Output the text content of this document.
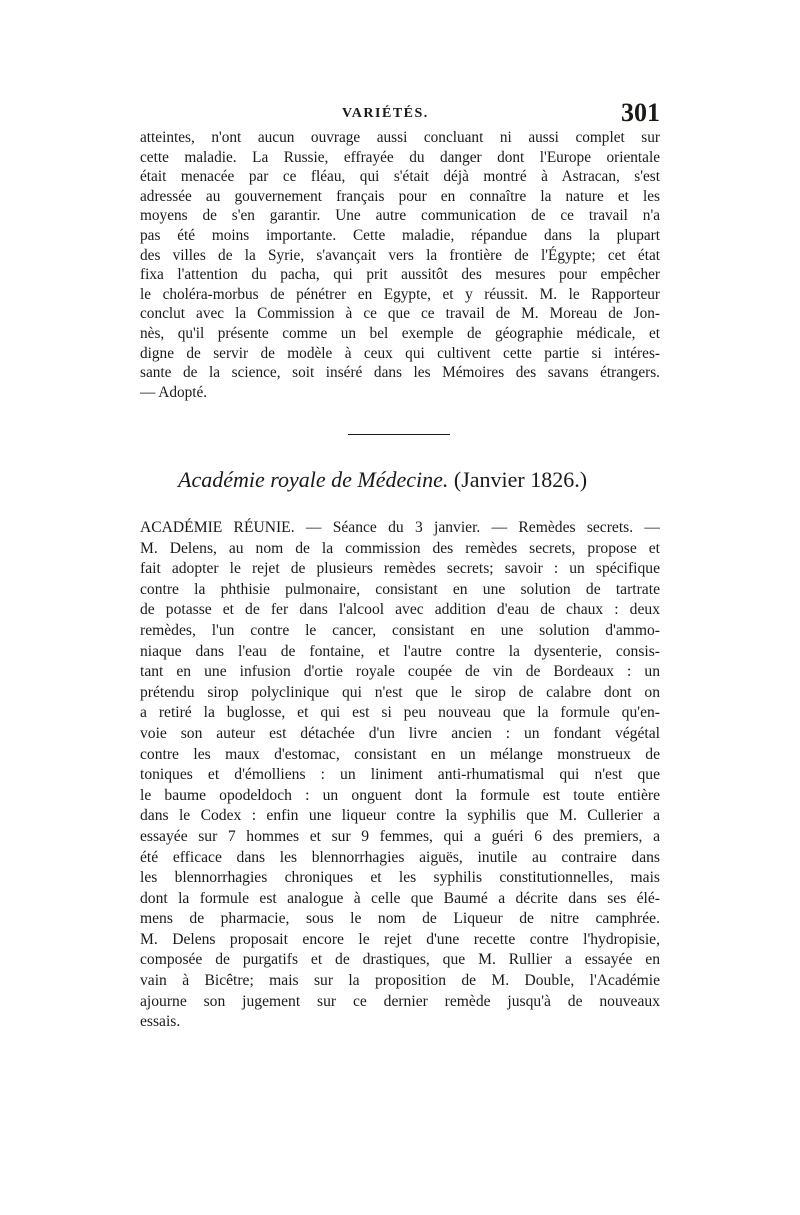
VARIÉTÉS.	301
atteintes, n'ont aucun ouvrage aussi concluant ni aussi complet sur
cette maladie. La Russie, effrayée du danger dont l'Europe orientale
était menacée par ce fléau, qui s'était déjà montré à Astracan, s'est
adressée au gouvernement français pour en connaître la nature et les
moyens de s'en garantir. Une autre communication de ce travail n'a
pas été moins importante. Cette maladie, répandue dans la plupart
des villes de la Syrie, s'avançait vers la frontière de l'Égypte; cet état
fixa l'attention du pacha, qui prit aussitôt des mesures pour empêcher
le choléra-morbus de pénétrer en Egypte, et y réussit. M. le Rapporteur
conclut avec la Commission à ce que ce travail de M. Moreau de Jon-
nès, qu'il présente comme un bel exemple de géographie médicale, et
digne de servir de modèle à ceux qui cultivent cette partie si intéres-
sante de la science, soit inséré dans les Mémoires des savans étrangers.
— Adopté.
Académie royale de Médecine. (Janvier 1826.)
ACADÉMIE RÉUNIE. — Séance du 3 janvier. — Remèdes secrets. —
M. Delens, au nom de la commission des remèdes secrets, propose et
fait adopter le rejet de plusieurs remèdes secrets; savoir : un spécifique
contre la phthisie pulmonaire, consistant en une solution de tartrate
de potasse et de fer dans l'alcool avec addition d'eau de chaux : deux
remèdes, l'un contre le cancer, consistant en une solution d'ammo-
niaque dans l'eau de fontaine, et l'autre contre la dysenterie, consis-
tant en une infusion d'ortie royale coupée de vin de Bordeaux : un
prétendu sirop polyclinique qui n'est que le sirop de calabre dont on
a retiré la buglosse, et qui est si peu nouveau que la formule qu'en-
voie son auteur est détachée d'un livre ancien : un fondant végétal
contre les maux d'estomac, consistant en un mélange monstrueux de
toniques et d'émolliens : un liniment anti-rhumatismal qui n'est que
le baume opodeldoch : un onguent dont la formule est toute entière
dans le Codex : enfin une liqueur contre la syphilis que M. Cullerier a
essayée sur 7 hommes et sur 9 femmes, qui a guéri 6 des premiers, a
été efficace dans les blennorrhagies aiguës, inutile au contraire dans
les blennorrhagies chroniques et les syphilis constitutionnelles, mais
dont la formule est analogue à celle que Baumé a décrite dans ses élé-
mens de pharmacie, sous le nom de Liqueur de nitre camphrée.
M. Delens proposait encore le rejet d'une recette contre l'hydropisie,
composée de purgatifs et de drastiques, que M. Rullier a essayée en
vain à Bicêtre; mais sur la proposition de M. Double, l'Académie
ajourne son jugement sur ce dernier remède jusqu'à de nouveaux
essais.
